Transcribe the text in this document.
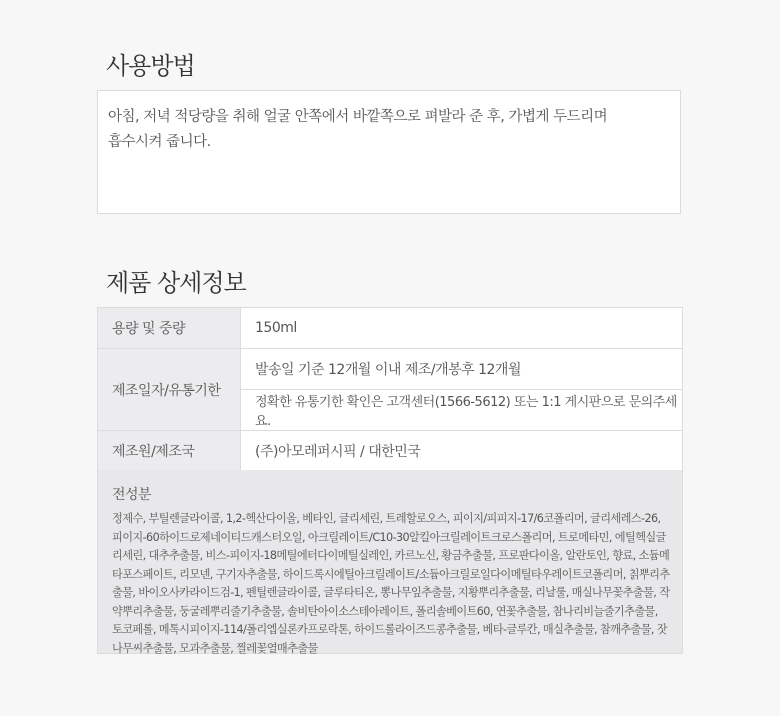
사용방법

아침, 저녁 적당량을 취해 얼굴 안쪽에서 바깥쪽으로 펴발라 준 후, 가볍게 두드리며
흡수시켜 줍니다.

제품 상세정보
용량 및 중량	150ml
제조일자/유통기한	발송일 기준 12개월 이내 제조/개봉후 12개월
	정확한 유통기한 확인은 고객센터(1566-5612) 또는 1:1 게시판으로 문의주세요.
제조원/제조국	(주)아모레퍼시픽 / 대한민국

전성분

정제수, 부틸렌글라이콜, 1,2-헥산다이올, 베타인, 글리세린, 트레할로오스, 피이지/피피지-17/6코폴리머, 글리세레스-26, 피이지-60하이드로제네이티드캐스터오일, 아크릴레이트/C10-30알킬아크릴레이트크로스폴리머, 트로메타민, 에틸헥실글리세린, 대추추출물, 비스-피이지-18메틸에터다이메틸실레인, 카르노신, 황금추출물, 프로판다이올, 알란토인, 향료, 소듐메타포스페이트, 리모넨, 구기자추출물, 하이드록시에틸아크릴레이트/소듐아크릴로일다이메틸타우레이트코폴리머, 칡뿌리추출물, 바이오사카라이드검-1, 펜틸렌글라이콜, 글루타티온, 뽕나무잎추출물, 지황뿌리추출물, 리날룰, 매실나무꽃추출물, 작약뿌리추출물, 둥굴레뿌리줄기추출물, 솔비탄아이소스테아레이트, 폴리솔베이트60, 연꽃추출물, 참나리비늘줄기추출물, 토코페롤, 메톡시피이지-114/폴리엡실론카프로락톤, 하이드롤라이즈드콩추출물, 베타-글루칸, 매실추출물, 참깨추출물, 잣나무씨추출물, 모과추출물, 찔레꽃열매추출물
